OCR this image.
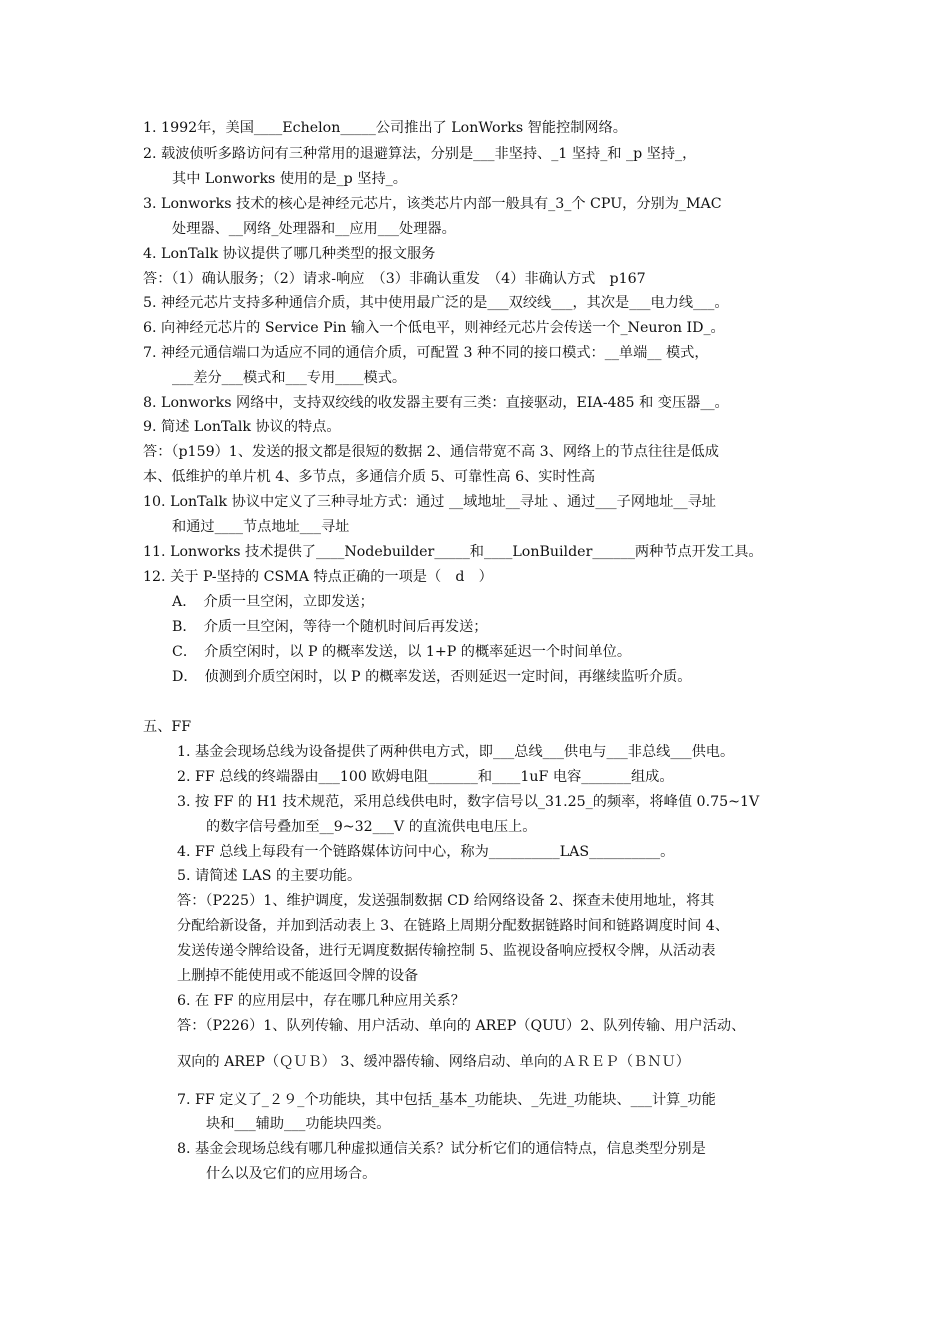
1. 1992年，美国____Echelon_____公司推出了 LonWorks 智能控制网络。
2. 载波侦听多路访问有三种常用的退避算法，分别是___非坚持、_1 坚持_和 _p 坚持_，
其中 Lonworks 使用的是_p 坚持_。
3. Lonworks 技术的核心是神经元芯片，该类芯片内部一般具有_3_个 CPU，分别为_MAC
处理器、__网络_处理器和__应用___处理器。
4. LonTalk 协议提供了哪几种类型的报文服务
答：（1）确认服务；（2）请求-响应　（3）非确认重发　（4）非确认方式　p167
5. 神经元芯片支持多种通信介质，其中使用最广泛的是___双绞线___，其次是___电力线___。
6. 向神经元芯片的 Service Pin 输入一个低电平，则神经元芯片会传送一个_Neuron ID_。
7. 神经元通信端口为适应不同的通信介质，可配置 3 种不同的接口模式：__单端__ 模式，
___差分___模式和___专用____模式。
8. Lonworks 网络中，支持双绞线的收发器主要有三类：直接驱动，EIA-485 和 变压器__。
9. 简述 LonTalk 协议的特点。
答：（p159）1、发送的报文都是很短的数据 2、通信带宽不高 3、网络上的节点往往是低成
本、低维护的单片机 4、多节点，多通信介质 5、可靠性高 6、实时性高
10. LonTalk 协议中定义了三种寻址方式：通过 __域地址__寻址 、通过___子网地址__寻址
和通过____节点地址___寻址
11. Lonworks 技术提供了____Nodebuilder_____和____LonBuilder______两种节点开发工具。
12. 关于 P-坚持的 CSMA 特点正确的一项是（　d　）
A．　介质一旦空闲，立即发送；
B．　介质一旦空闲，等待一个随机时间后再发送；
C．　介质空闲时，以 P 的概率发送，以 1+P 的概率延迟一个时间单位。
D．　侦测到介质空闲时，以 P 的概率发送，否则延迟一定时间，再继续监听介质。
五、FF
1. 基金会现场总线为设备提供了两种供电方式，即___总线___供电与___非总线___供电。
2. FF 总线的终端器由___100 欧姆电阻_______和____1uF 电容_______组成。
3. 按 FF 的 H1 技术规范，采用总线供电时，数字信号以_31.25_的频率，将峰值 0.75~1V
的数字信号叠加至__9~32___V 的直流供电电压上。
4. FF 总线上每段有一个链路媒体访问中心，称为__________LAS__________。
5. 请简述 LAS 的主要功能。
答：（P225）1、维护调度，发送强制数据 CD 给网络设备 2、探查未使用地址，将其
分配给新设备，并加到活动表上 3、在链路上周期分配数据链路时间和链路调度时间 4、
发送传递令牌给设备，进行无调度数据传输控制 5、监视设备响应授权令牌，从活动表
上删掉不能使用或不能返回令牌的设备
6. 在 FF 的应用层中，存在哪几种应用关系？
答：（P226）1、队列传输、用户活动、单向的 AREP（QUU）2、队列传输、用户活动、
双向的 AREP（ＱＵＢ） 3、缓冲器传输、网络启动、单向的ＡＲＥＰ（ＢＮＵ）
7. FF 定义了_２９_个功能块，其中包括_基本_功能块、_先进_功能块、___计算_功能
块和___辅助___功能块四类。
8. 基金会现场总线有哪几种虚拟通信关系？试分析它们的通信特点，信息类型分别是
什么以及它们的应用场合。
